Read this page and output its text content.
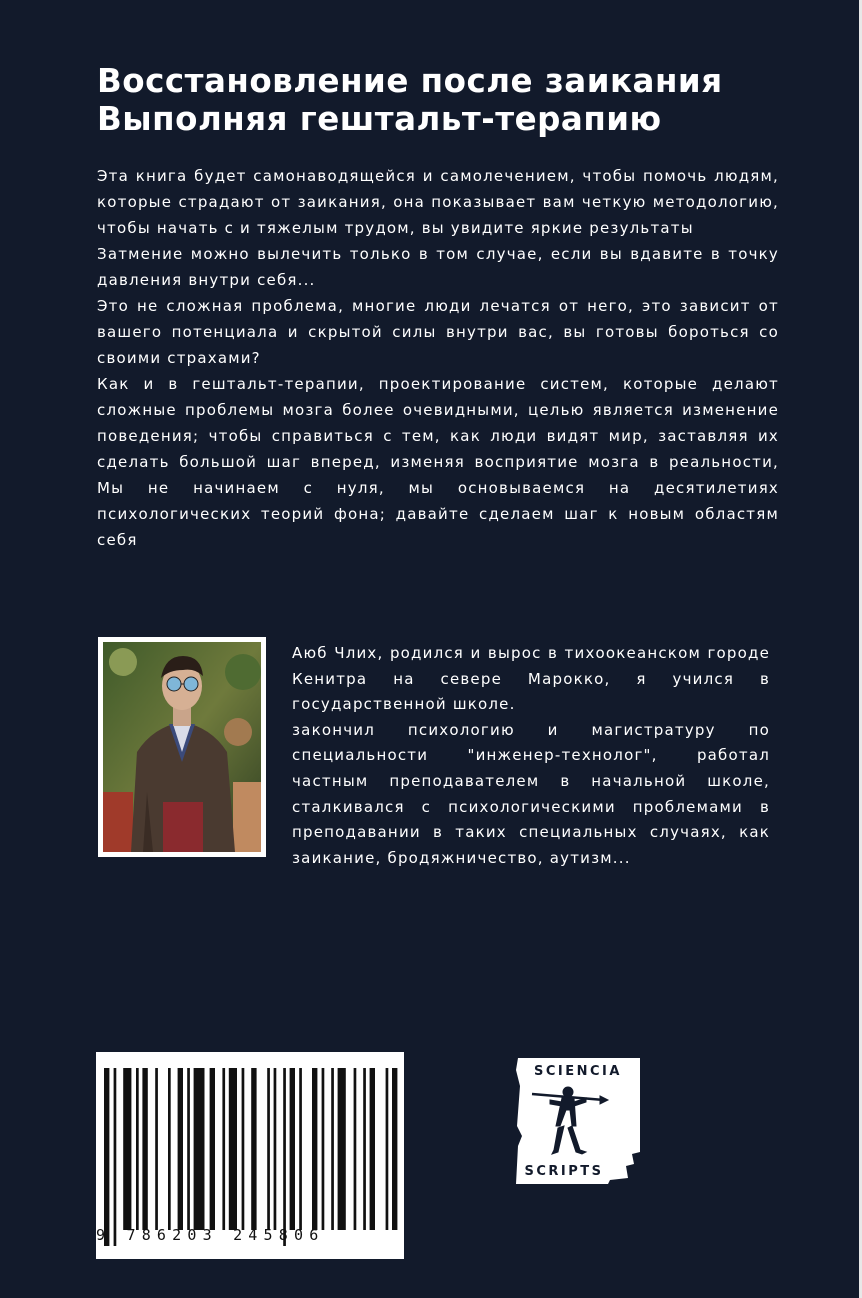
Восстановление после заикания
Выполняя гештальт-терапию

Эта книга будет самонаводящейся и самолечением, чтобы помочь людям, которые страдают от заикания, она показывает вам четкую методологию, чтобы начать с и тяжелым трудом, вы увидите яркие результаты

Затмение можно вылечить только в том случае, если вы вдавите в точку давления внутри себя...

Это не сложная проблема, многие люди лечатся от него, это зависит от вашего потенциала и скрытой силы внутри вас, вы готовы бороться со своими страхами?

Как и в гештальт-терапии, проектирование систем, которые делают сложные проблемы мозга более очевидными, целью является изменение поведения; чтобы справиться с тем, как люди видят мир, заставляя их сделать большой шаг вперед, изменяя восприятие мозга в реальности, Мы не начинаем с нуля, мы основываемся на десятилетиях психологических теорий фона; давайте сделаем шаг к новым областям себя

Аюб Члих, родился и вырос в тихоокеанском городе Кенитра на севере Марокко, я учился в государственной школе.

закончил психологию и магистратуру по специальности "инженер-технолог", работал частным преподавателем в начальной школе, сталкивался с психологическими проблемами в преподавании в таких специальных случаях, как заикание, бродяжничество, аутизм...

9 786203 245806
SCIENCIA
SCRIPTS
